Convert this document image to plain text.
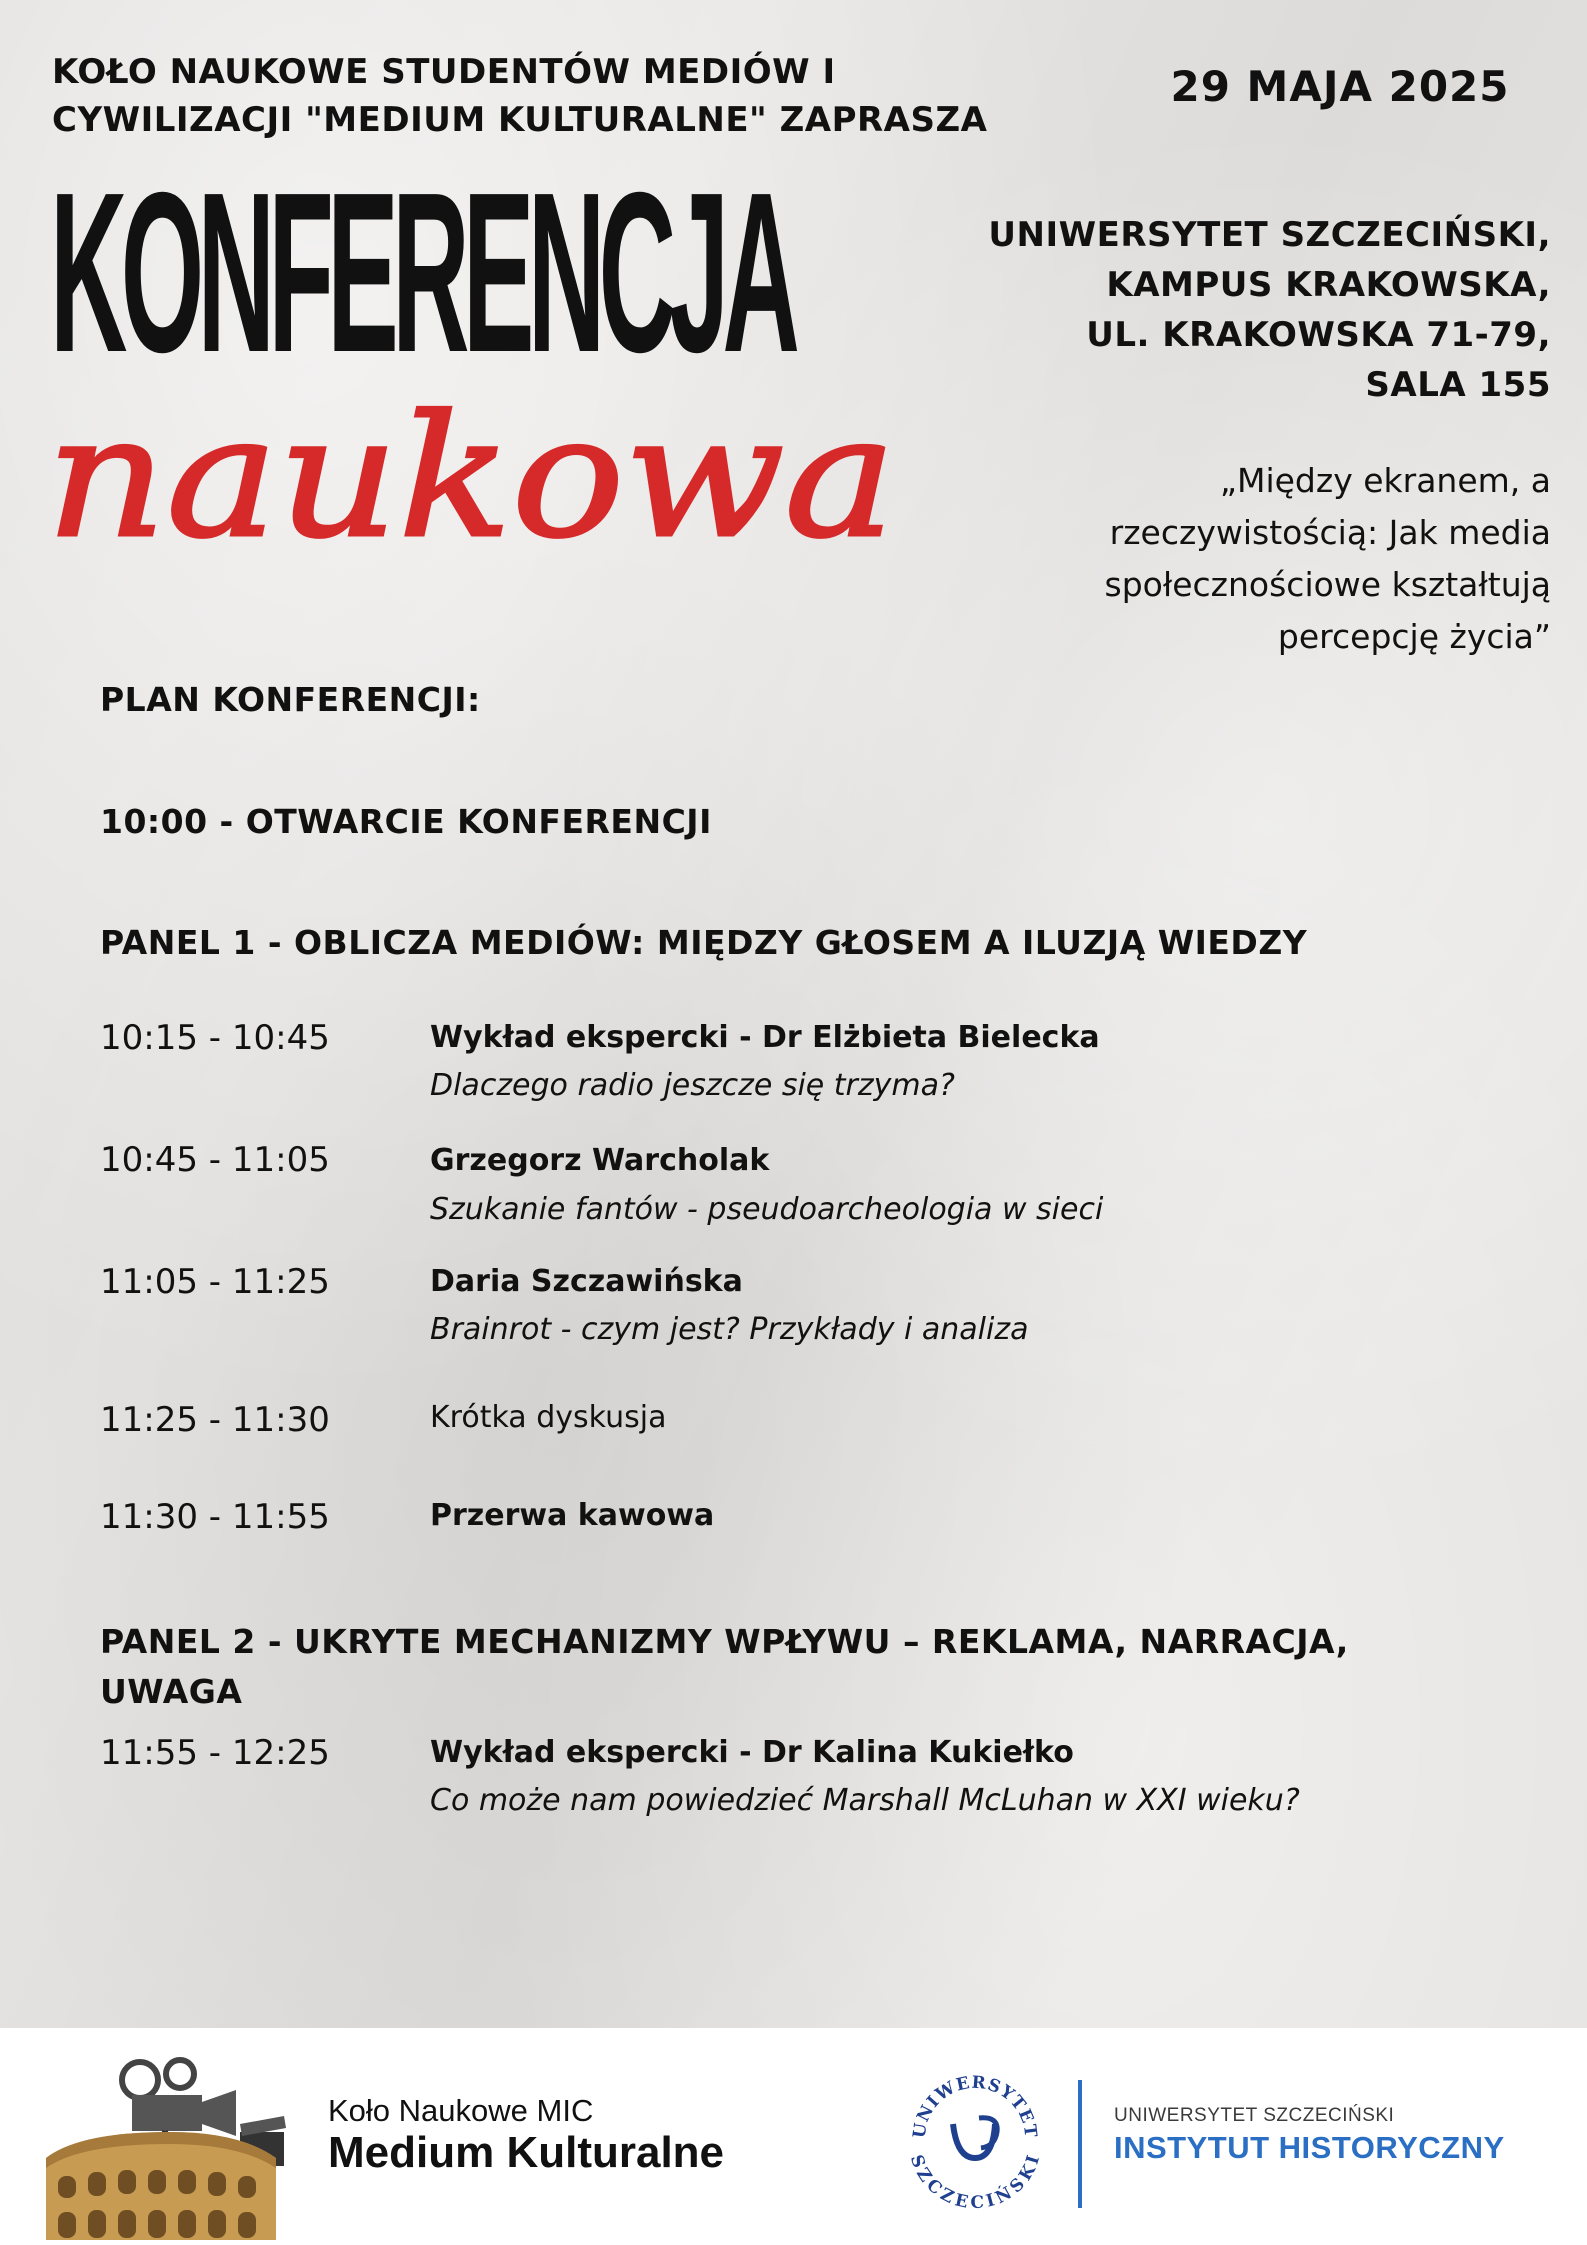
KOŁO NAUKOWE STUDENTÓW MEDIÓW I
CYWILIZACJI "MEDIUM KULTURALNE" ZAPRASZA
29 MAJA 2025
KONFERENCJA
naukowa
UNIWERSYTET SZCZECIŃSKI,
KAMPUS KRAKOWSKA,
UL. KRAKOWSKA 71-79,
SALA 155
„Między ekranem, a
rzeczywistością: Jak media
społecznościowe kształtują
percepcję życia”
PLAN KONFERENCJI:
10:00 - OTWARCIE KONFERENCJI
PANEL 1 - OBLICZA MEDIÓW: MIĘDZY GŁOSEM A ILUZJĄ WIEDZY
10:15 - 10:45	Wykład ekspercki - Dr Elżbieta Bielecka
Dlaczego radio jeszcze się trzyma?
10:45 - 11:05	Grzegorz Warcholak
Szukanie fantów - pseudoarcheologia w sieci
11:05 - 11:25	Daria Szczawińska
Brainrot - czym jest? Przykłady i analiza
11:25 - 11:30	Krótka dyskusja
11:30 - 11:55	Przerwa kawowa
PANEL 2 - UKRYTE MECHANIZMY WPŁYWU – REKLAMA, NARRACJA,
UWAGA
11:55 - 12:25	Wykład ekspercki - Dr Kalina Kukiełko
Co może nam powiedzieć Marshall McLuhan w XXI wieku?
Koło Naukowe MIC
Medium Kulturalne	UNIWERSYTET
SZCZECIŃSKI
UNIWERSYTET SZCZECIŃSKI
INSTYTUT HISTORYCZNY
